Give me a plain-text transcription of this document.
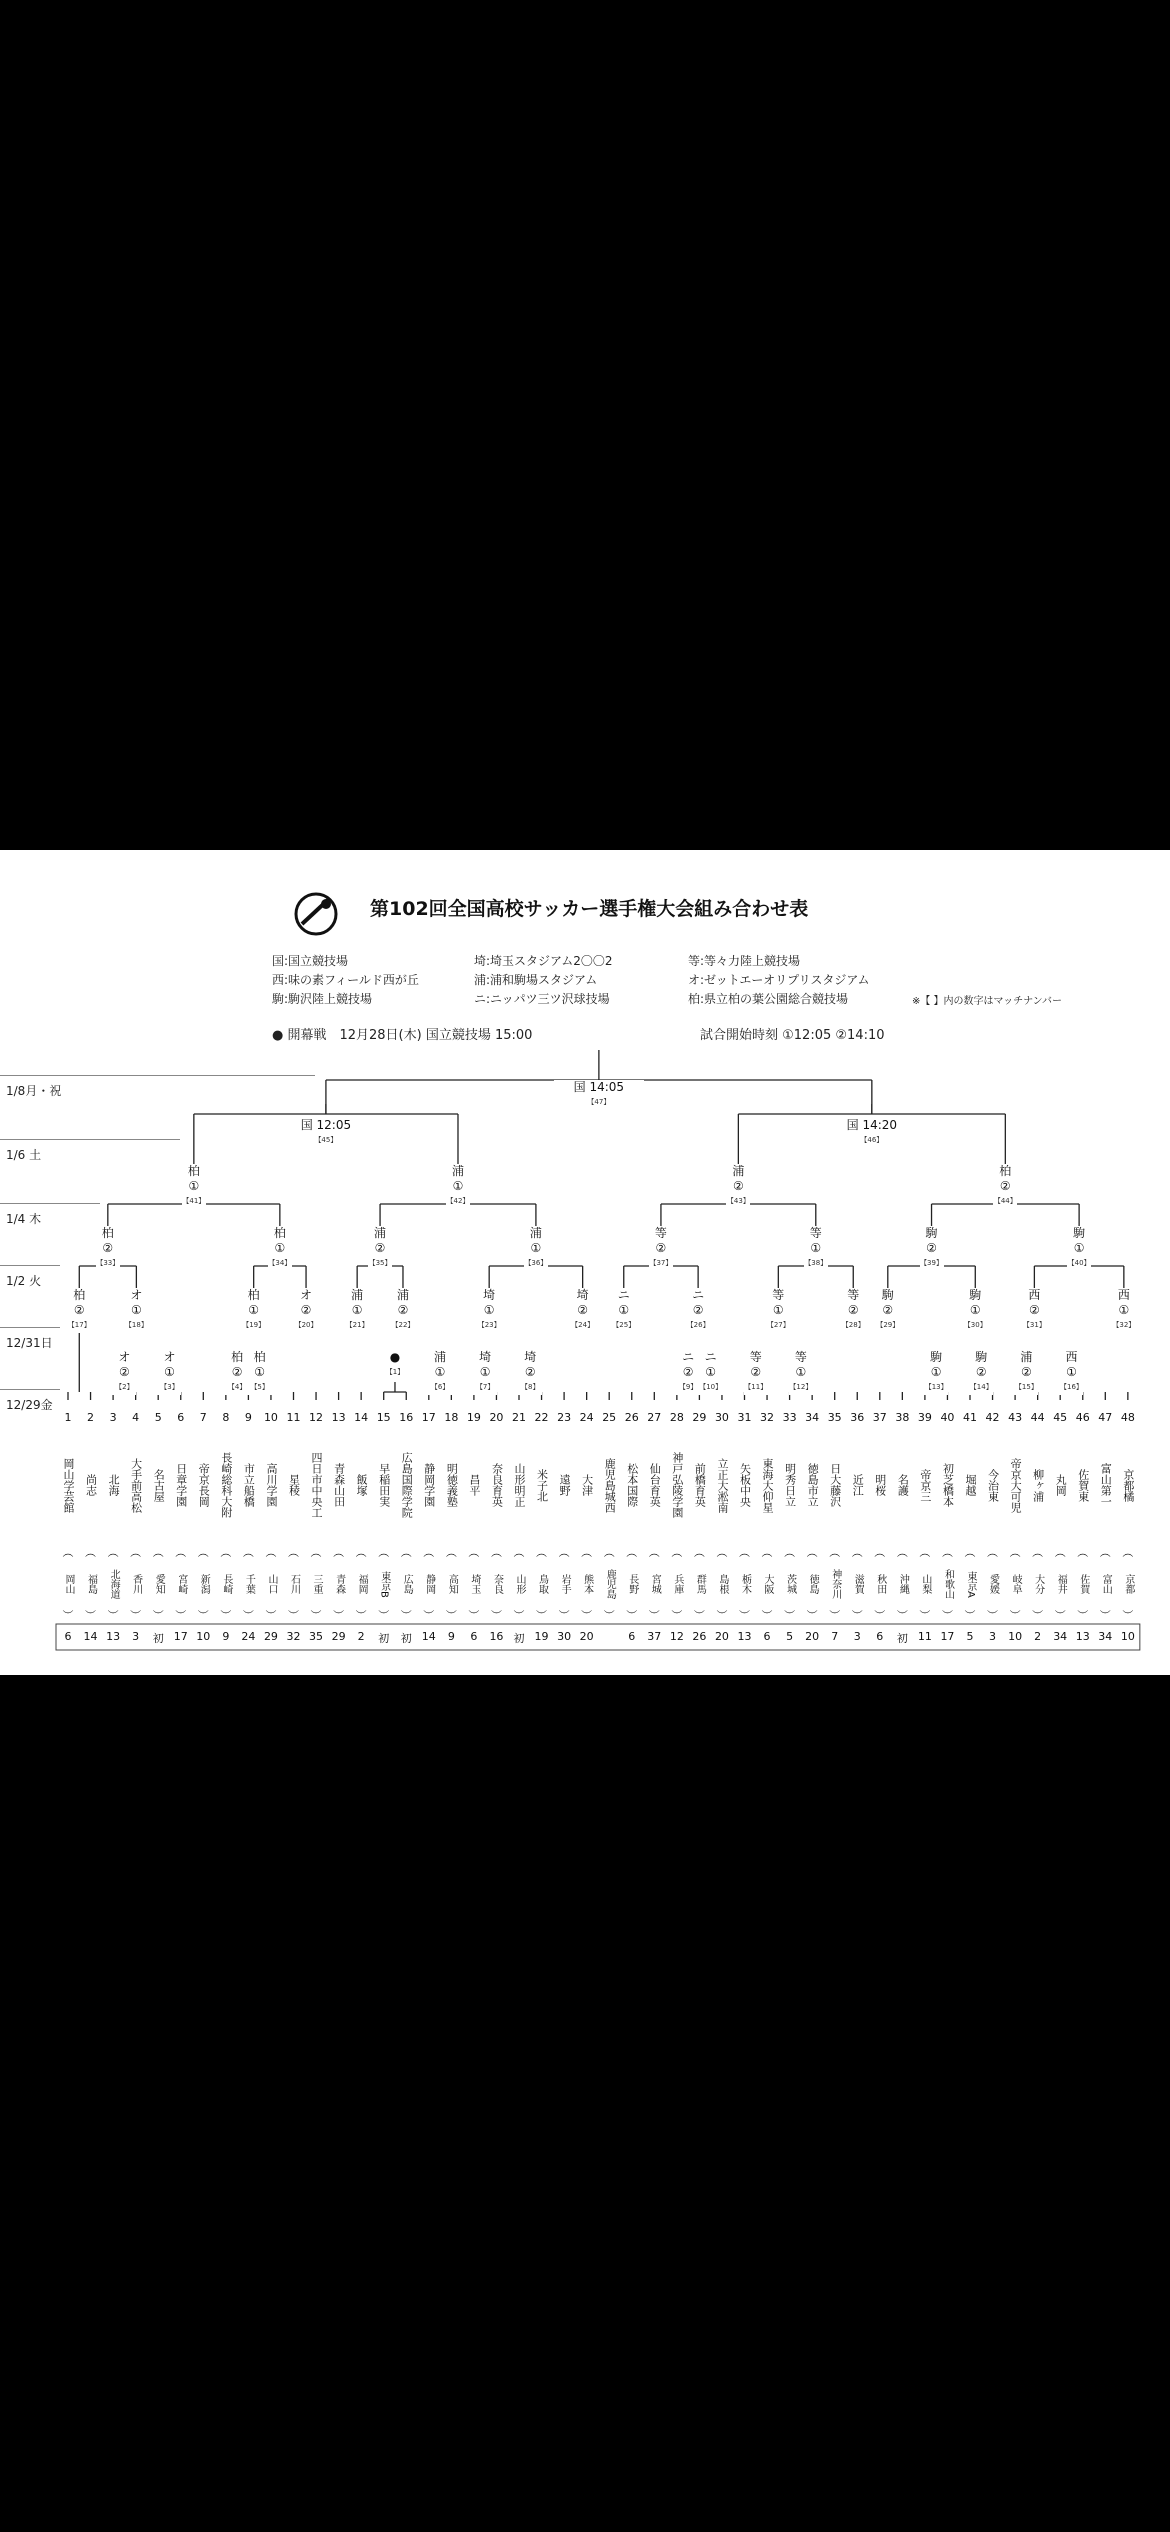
第102回全国高校サッカー選手権大会組み合わせ表
国:国立競技場	埼:埼玉スタジアム2〇〇2	等:等々力陸上競技場
西:味の素フィールド西が丘	浦:浦和駒場スタジアム	オ:ゼットエーオリプリスタジアム
駒:駒沢陸上競技場	ニ:ニッパツ三ツ沢球技場	柏:県立柏の葉公園総合競技場	※【 】内の数字はマッチナンバー
● 開幕戦　12月28日(木) 国立競技場 15:00	試合開始時刻 ①12:05 ②14:10
1/8月・祝
1/6 土
1/4 木
1/2 火
12/31日
12/29金
オ
②
【2】
オ
①
【3】
柏
②
【4】
柏
①
【5】
●
【1】
浦
①
【6】
埼
①
【7】
埼
②
【8】
ニ
②
【9】
ニ
①
【10】
等
②
【11】
等
①
【12】
駒
①
【13】
駒
②
【14】
浦
②
【15】
西
①
【16】
柏
②
【17】
オ
①
【18】
柏
①
【19】
オ
②
【20】
浦
①
【21】
浦
②
【22】
埼
①
【23】
埼
②
【24】
ニ
①
【25】
ニ
②
【26】
等
①
【27】
等
②
【28】
駒
②
【29】
駒
①
【30】
西
②
【31】
西
①
【32】
柏
②
【33】
柏
①
【34】
浦
②
【35】
浦
①
【36】
等
②
【37】
等
①
【38】
駒
②
【39】
駒
①
【40】
柏
①
【41】
浦
①
【42】
浦
②
【43】
柏
②
【44】
国 12:05
【45】
国 14:20
【46】
国 14:05
【47】
1
岡山学芸館
︵
岡山
︶
6
2
尚志
︵
福島
︶
14
3
北海
︵
北海道
︶
13
4
大手前高松
︵
香川
︶
3
5
名古屋
︵
愛知
︶
初
6
日章学園
︵
宮崎
︶
17
7
帝京長岡
︵
新潟
︶
10
8
長崎総科大附
︵
長崎
︶
9
9
市立船橋
︵
千葉
︶
24
10
高川学園
︵
山口
︶
29
11
星稜
︵
石川
︶
32
12
四日市中央工
︵
三重
︶
35
13
青森山田
︵
青森
︶
29
14
飯塚
︵
福岡
︶
2
15
早稲田実
︵
東京B
︶
初
16
広島国際学院
︵
広島
︶
初
17
静岡学園
︵
静岡
︶
14
18
明徳義塾
︵
高知
︶
9
19
昌平
︵
埼玉
︶
6
20
奈良育英
︵
奈良
︶
16
21
山形明正
︵
山形
︶
初
22
米子北
︵
鳥取
︶
19
23
遠野
︵
岩手
︶
30
24
大津
︵
熊本
︶
20
25
鹿児島城西
︵
鹿児島
︶
26
松本国際
︵
長野
︶
6
27
仙台育英
︵
宮城
︶
37
28
神戸弘陵学園
︵
兵庫
︶
12
29
前橋育英
︵
群馬
︶
26
30
立正大淞南
︵
島根
︶
20
31
矢板中央
︵
栃木
︶
13
32
東海大仰星
︵
大阪
︶
6
33
明秀日立
︵
茨城
︶
5
34
徳島市立
︵
徳島
︶
20
35
日大藤沢
︵
神奈川
︶
7
36
近江
︵
滋賀
︶
3
37
明桜
︵
秋田
︶
6
38
名護
︵
沖縄
︶
初
39
帝京三
︵
山梨
︶
11
40
初芝橋本
︵
和歌山
︶
17
41
堀越
︵
東京A
︶
5
42
今治東
︵
愛媛
︶
3
43
帝京大可児
︵
岐阜
︶
10
44
柳ヶ浦
︵
大分
︶
2
45
丸岡
︵
福井
︶
34
46
佐賀東
︵
佐賀
︶
13
47
富山第一
︵
富山
︶
34
48
京都橘
︵
京都
︶
10
